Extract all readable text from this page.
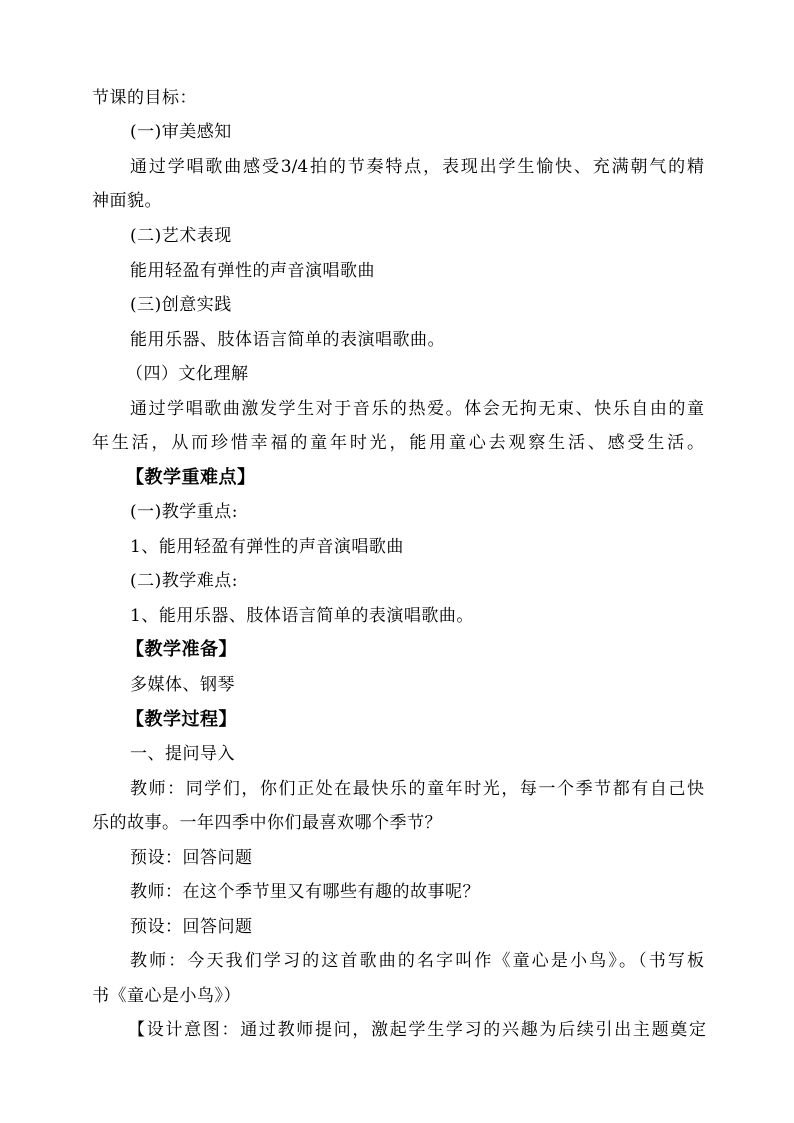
节课的目标：
(一)审美感知
通过学唱歌曲感受3/4拍的节奏特点，表现出学生愉快、充满朝气的精
神面貌。
(二)艺术表现
能用轻盈有弹性的声音演唱歌曲
(三)创意实践
能用乐器、肢体语言简单的表演唱歌曲。
（四）文化理解
通过学唱歌曲激发学生对于音乐的热爱。体会无拘无束、快乐自由的童
年生活，从而珍惜幸福的童年时光，能用童心去观察生活、感受生活。
【教学重难点】
(一)教学重点:
1、能用轻盈有弹性的声音演唱歌曲
(二)教学难点:
1、能用乐器、肢体语言简单的表演唱歌曲。
【教学准备】
多媒体、钢琴
【教学过程】
一、提问导入
教师：同学们，你们正处在最快乐的童年时光，每一个季节都有自己快
乐的故事。一年四季中你们最喜欢哪个季节？
预设：回答问题
教师：在这个季节里又有哪些有趣的故事呢？
预设：回答问题
教师：今天我们学习的这首歌曲的名字叫作《童心是小鸟》。（书写板
书《童心是小鸟》）
【设计意图：通过教师提问，激起学生学习的兴趣为后续引出主题奠定
